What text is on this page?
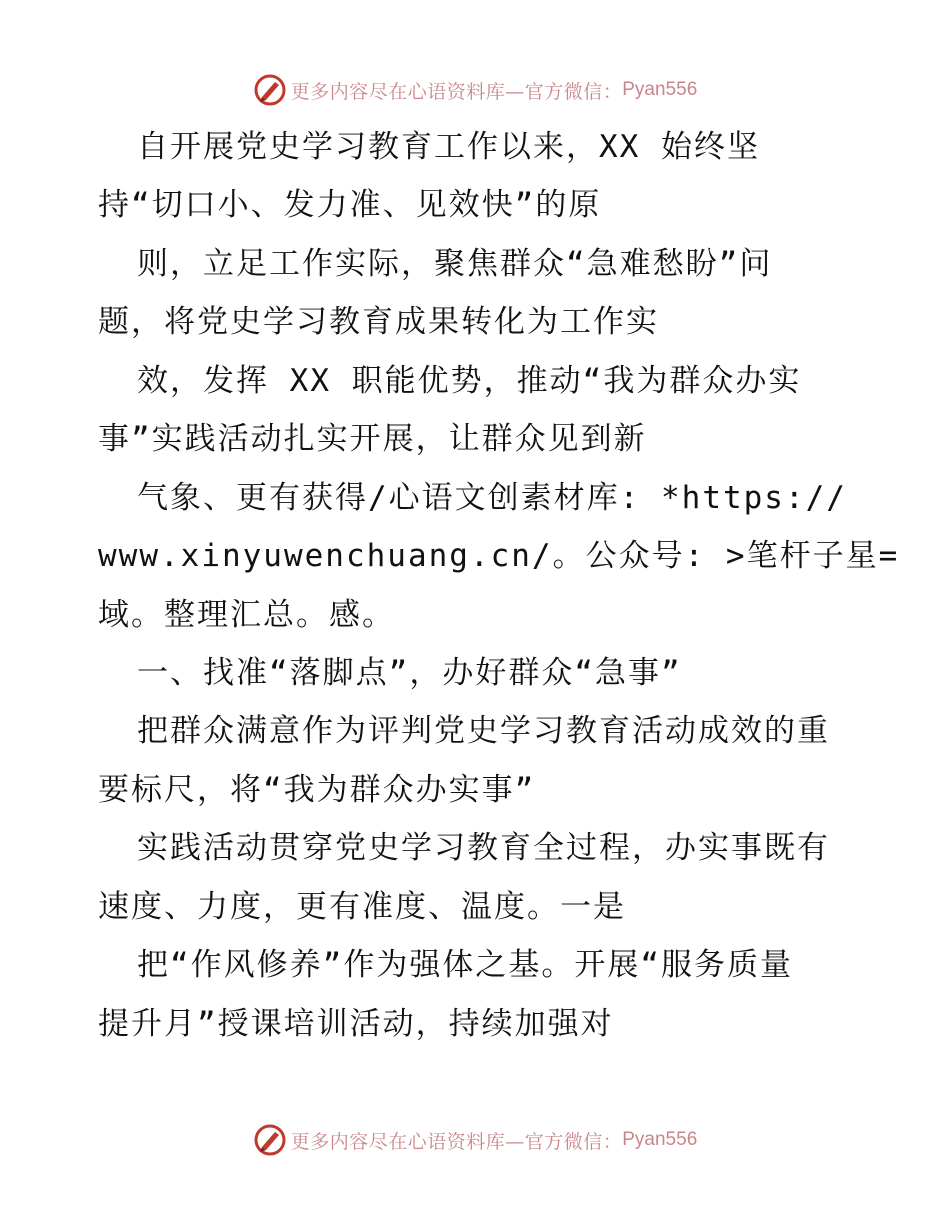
更多内容尽在心语资料库—官方微信： Pyan556
自开展党史学习教育工作以来，XX 始终坚
持“切口小、发力准、见效快”的原
则，立足工作实际，聚焦群众“急难愁盼”问
题，将党史学习教育成果转化为工作实
效，发挥 XX 职能优势，推动“我为群众办实
事”实践活动扎实开展，让群众见到新
气象、更有获得/心语文创素材库: *https://
www.xinyuwenchuang.cn/。公众号: >笔杆子星=
域。整理汇总。感。
一、找准“落脚点”，办好群众“急事”
把群众满意作为评判党史学习教育活动成效的重
要标尺，将“我为群众办实事”
实践活动贯穿党史学习教育全过程，办实事既有
速度、力度，更有准度、温度。一是
把“作风修养”作为强体之基。开展“服务质量
提升月”授课培训活动，持续加强对
更多内容尽在心语资料库—官方微信： Pyan556
